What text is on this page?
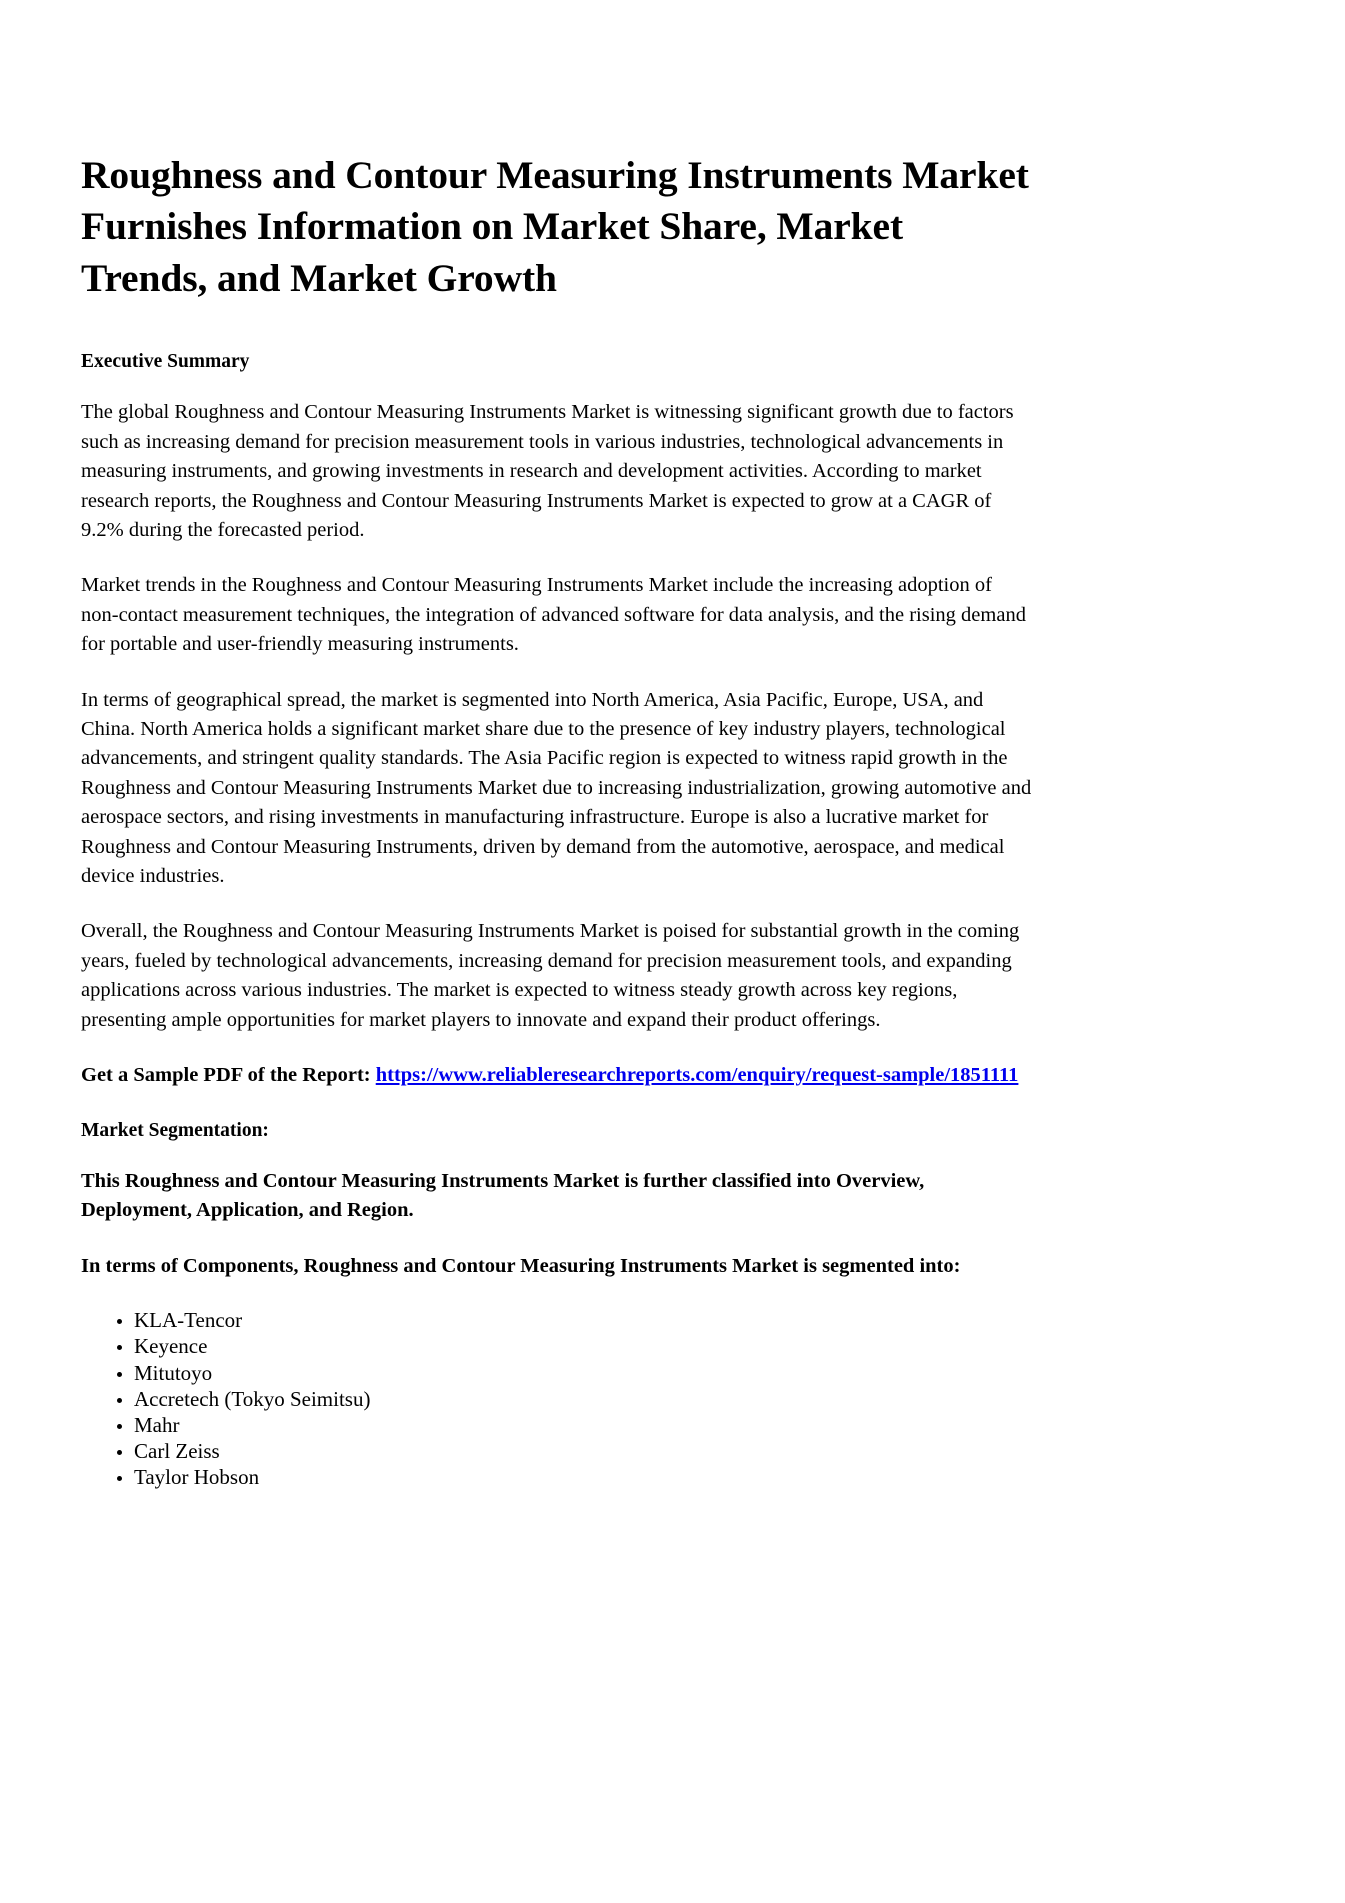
Roughness and Contour Measuring Instruments Market Furnishes Information on Market Share, Market Trends, and Market Growth
Executive Summary

The global Roughness and Contour Measuring Instruments Market is witnessing significant growth due to factors such as increasing demand for precision measurement tools in various industries, technological advancements in measuring instruments, and growing investments in research and development activities. According to market research reports, the Roughness and Contour Measuring Instruments Market is expected to grow at a CAGR of 9.2% during the forecasted period.

Market trends in the Roughness and Contour Measuring Instruments Market include the increasing adoption of non-contact measurement techniques, the integration of advanced software for data analysis, and the rising demand for portable and user-friendly measuring instruments.

In terms of geographical spread, the market is segmented into North America, Asia Pacific, Europe, USA, and China. North America holds a significant market share due to the presence of key industry players, technological advancements, and stringent quality standards. The Asia Pacific region is expected to witness rapid growth in the Roughness and Contour Measuring Instruments Market due to increasing industrialization, growing automotive and aerospace sectors, and rising investments in manufacturing infrastructure. Europe is also a lucrative market for Roughness and Contour Measuring Instruments, driven by demand from the automotive, aerospace, and medical device industries.

Overall, the Roughness and Contour Measuring Instruments Market is poised for substantial growth in the coming years, fueled by technological advancements, increasing demand for precision measurement tools, and expanding applications across various industries. The market is expected to witness steady growth across key regions, presenting ample opportunities for market players to innovate and expand their product offerings.

Get a Sample PDF of the Report: https://www.reliableresearchreports.com/enquiry/request-sample/1851111

Market Segmentation:

This Roughness and Contour Measuring Instruments Market is further classified into Overview, Deployment, Application, and Region.

In terms of Components, Roughness and Contour Measuring Instruments Market is segmented into:

• KLA-Tencor
• Keyence
• Mitutoyo
• Accretech (Tokyo Seimitsu)
• Mahr
• Carl Zeiss
• Taylor Hobson
